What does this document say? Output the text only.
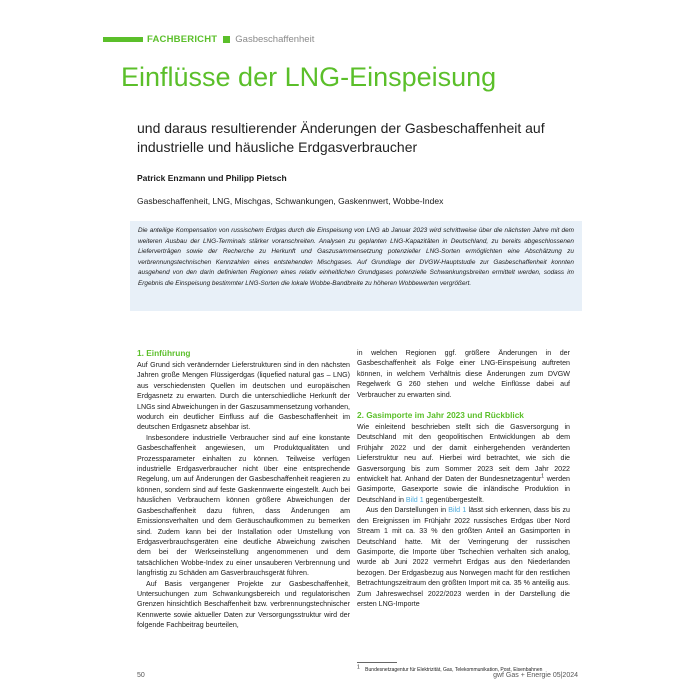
FACHBERICHT Gasbeschaffenheit
Einflüsse der LNG-Einspeisung
und daraus resultierender Änderungen der Gasbeschaffenheit auf industrielle und häusliche Erdgasverbraucher
Patrick Enzmann und Philipp Pietsch
Gasbeschaffenheit, LNG, Mischgas, Schwankungen, Gaskennwert, Wobbe-Index
Die anteilige Kompensation von russischem Erdgas durch die Einspeisung von LNG ab Januar 2023 wird schrittweise über die nächsten Jahre mit dem weiteren Ausbau der LNG-Terminals stärker voranschreiten. Analysen zu geplanten LNG-Kapazitäten in Deutschland, zu bereits abgeschlossenen Lieferverträgen sowie der Recherche zu Herkunft und Gaszusammensetzung potenzieller LNG-Sorten ermöglichten eine Abschätzung zu verbrennungstechnischen Kennzahlen eines entstehenden Mischgases. Auf Grundlage der DVGW-Hauptstudie zur Gasbeschaffenheit konnten ausgehend von den darin definierten Regionen eines relativ einheitlichen Grundgases potenzielle Schwankungsbreiten ermittelt werden, sodass im Ergebnis die Einspeisung bestimmter LNG-Sorten die lokale Wobbe-Bandbreite zu höheren Wobbewerten vergrößert.
1. Einführung

Auf Grund sich verändernder Lieferstrukturen sind in den nächsten Jahren große Mengen Flüssigerdgas (liquefied natural gas – LNG) aus verschiedensten Quellen im deutschen und europäischen Erdgasnetz zu erwarten. Durch die unterschiedliche Herkunft der LNGs sind Abweichungen in der Gaszusammensetzung vorhanden, wodurch ein deutlicher Einfluss auf die Gasbeschaffenheit im deutschen Erdgasnetz absehbar ist.

Insbesondere industrielle Verbraucher sind auf eine konstante Gasbeschaffenheit angewiesen, um Produktqualitäten und Prozessparameter einhalten zu können. Teilweise verfügen industrielle Erdgasverbraucher nicht über eine entsprechende Regelung, um auf Änderungen der Gasbeschaffenheit reagieren zu können, sondern sind auf feste Gaskennwerte eingestellt. Auch bei häuslichen Verbrauchern können größere Abweichungen der Gasbeschaffenheit dazu führen, dass Änderungen am Emissionsverhalten und dem Geräuschaufkommen zu bemerken sind. Zudem kann bei der Installation oder Umstellung von Erdgasverbrauchsgeräten eine deutliche Abweichung zwischen dem bei der Werkseinstellung angenommenen und dem tatsächlichen Wobbe-Index zu einer unsauberen Verbrennung und langfristig zu Schäden am Gasverbrauchsgerät führen.

Auf Basis vergangener Projekte zur Gasbeschaffenheit, Untersuchungen zum Schwankungsbereich und regulatorischen Grenzen hinsichtlich Beschaffenheit bzw. verbrennungstechnischer Kennwerte sowie aktueller Daten zur Versorgungsstruktur wird der folgende Fachbeitrag beurteilen,

in welchen Regionen ggf. größere Änderungen in der Gasbeschaffenheit als Folge einer LNG-Einspeisung auftreten können, in welchem Verhältnis diese Änderungen zum DVGW Regelwerk G 260 stehen und welche Einflüsse dabei auf Verbraucher zu erwarten sind.

2. Gasimporte im Jahr 2023 und Rückblick

Wie einleitend beschrieben stellt sich die Gasversorgung in Deutschland mit den geopolitischen Entwicklungen ab dem Frühjahr 2022 und der damit einhergehenden veränderten Lieferstruktur neu auf. Hierbei wird betrachtet, wie sich die Gasversorgung bis zum Sommer 2023 seit dem Jahr 2022 entwickelt hat. Anhand der Daten der Bundesnetzagentur$^1$ werden Gasimporte, Gasexporte sowie die inländische Produktion in Deutschland in Bild 1 gegenübergestellt.

Aus den Darstellungen in Bild 1 lässt sich erkennen, dass bis zu den Ereignissen im Frühjahr 2022 russisches Erdgas über Nord Stream 1 mit ca. 33 % den größten Anteil an Gasimporten in Deutschland hatte. Mit der Verringerung der russischen Gasimporte, die Importe über Tschechien verhalten sich analog, wurde ab Juni 2022 vermehrt Erdgas aus den Niederlanden bezogen. Der Erdgasbezug aus Norwegen macht für den restlichen Betrachtungszeitraum den größten Import mit ca. 35 % anteilig aus. Zum Jahreswechsel 2022/2023 werden in der Darstellung die ersten LNG-Importe

$^1$ Bundesnetzagentur für Elektrizität, Gas, Telekommunikation, Post, Eisenbahnen
50	gwf Gas + Energie 05|2024
